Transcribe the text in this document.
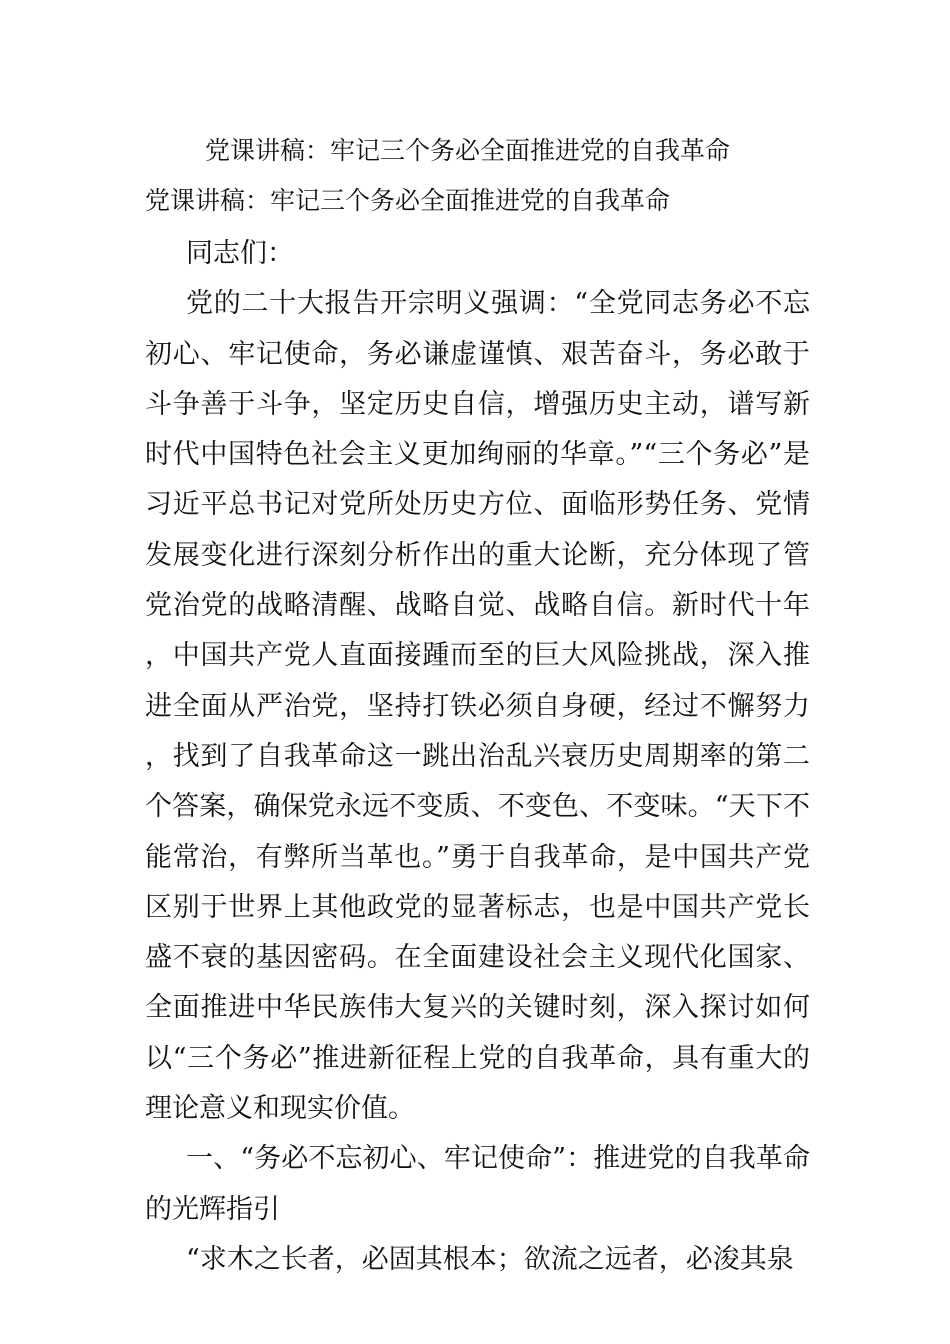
党课讲稿：牢记三个务必全面推进党的自我革命
党课讲稿：牢记三个务必全面推进党的自我革命

同志们：

党的二十大报告开宗明义强调：“全党同志务必不忘初心、牢记使命，务必谦虚谨慎、艰苦奋斗，务必敢于斗争善于斗争，坚定历史自信，增强历史主动，谱写新时代中国特色社会主义更加绚丽的华章。”“三个务必”是习近平总书记对党所处历史方位、面临形势任务、党情发展变化进行深刻分析作出的重大论断，充分体现了管党治党的战略清醒、战略自觉、战略自信。新时代十年，中国共产党人直面接踵而至的巨大风险挑战，深入推进全面从严治党，坚持打铁必须自身硬，经过不懈努力，找到了自我革命这一跳出治乱兴衰历史周期率的第二个答案，确保党永远不变质、不变色、不变味。“天下不能常治，有弊所当革也。”勇于自我革命，是中国共产党区别于世界上其他政党的显著标志，也是中国共产党长盛不衰的基因密码。在全面建设社会主义现代化国家、全面推进中华民族伟大复兴的关键时刻，深入探讨如何以“三个务必”推进新征程上党的自我革命，具有重大的理论意义和现实价值。

一、“务必不忘初心、牢记使命”：推进党的自我革命的光辉指引

“求木之长者，必固其根本；欲流之远者，必浚其泉
